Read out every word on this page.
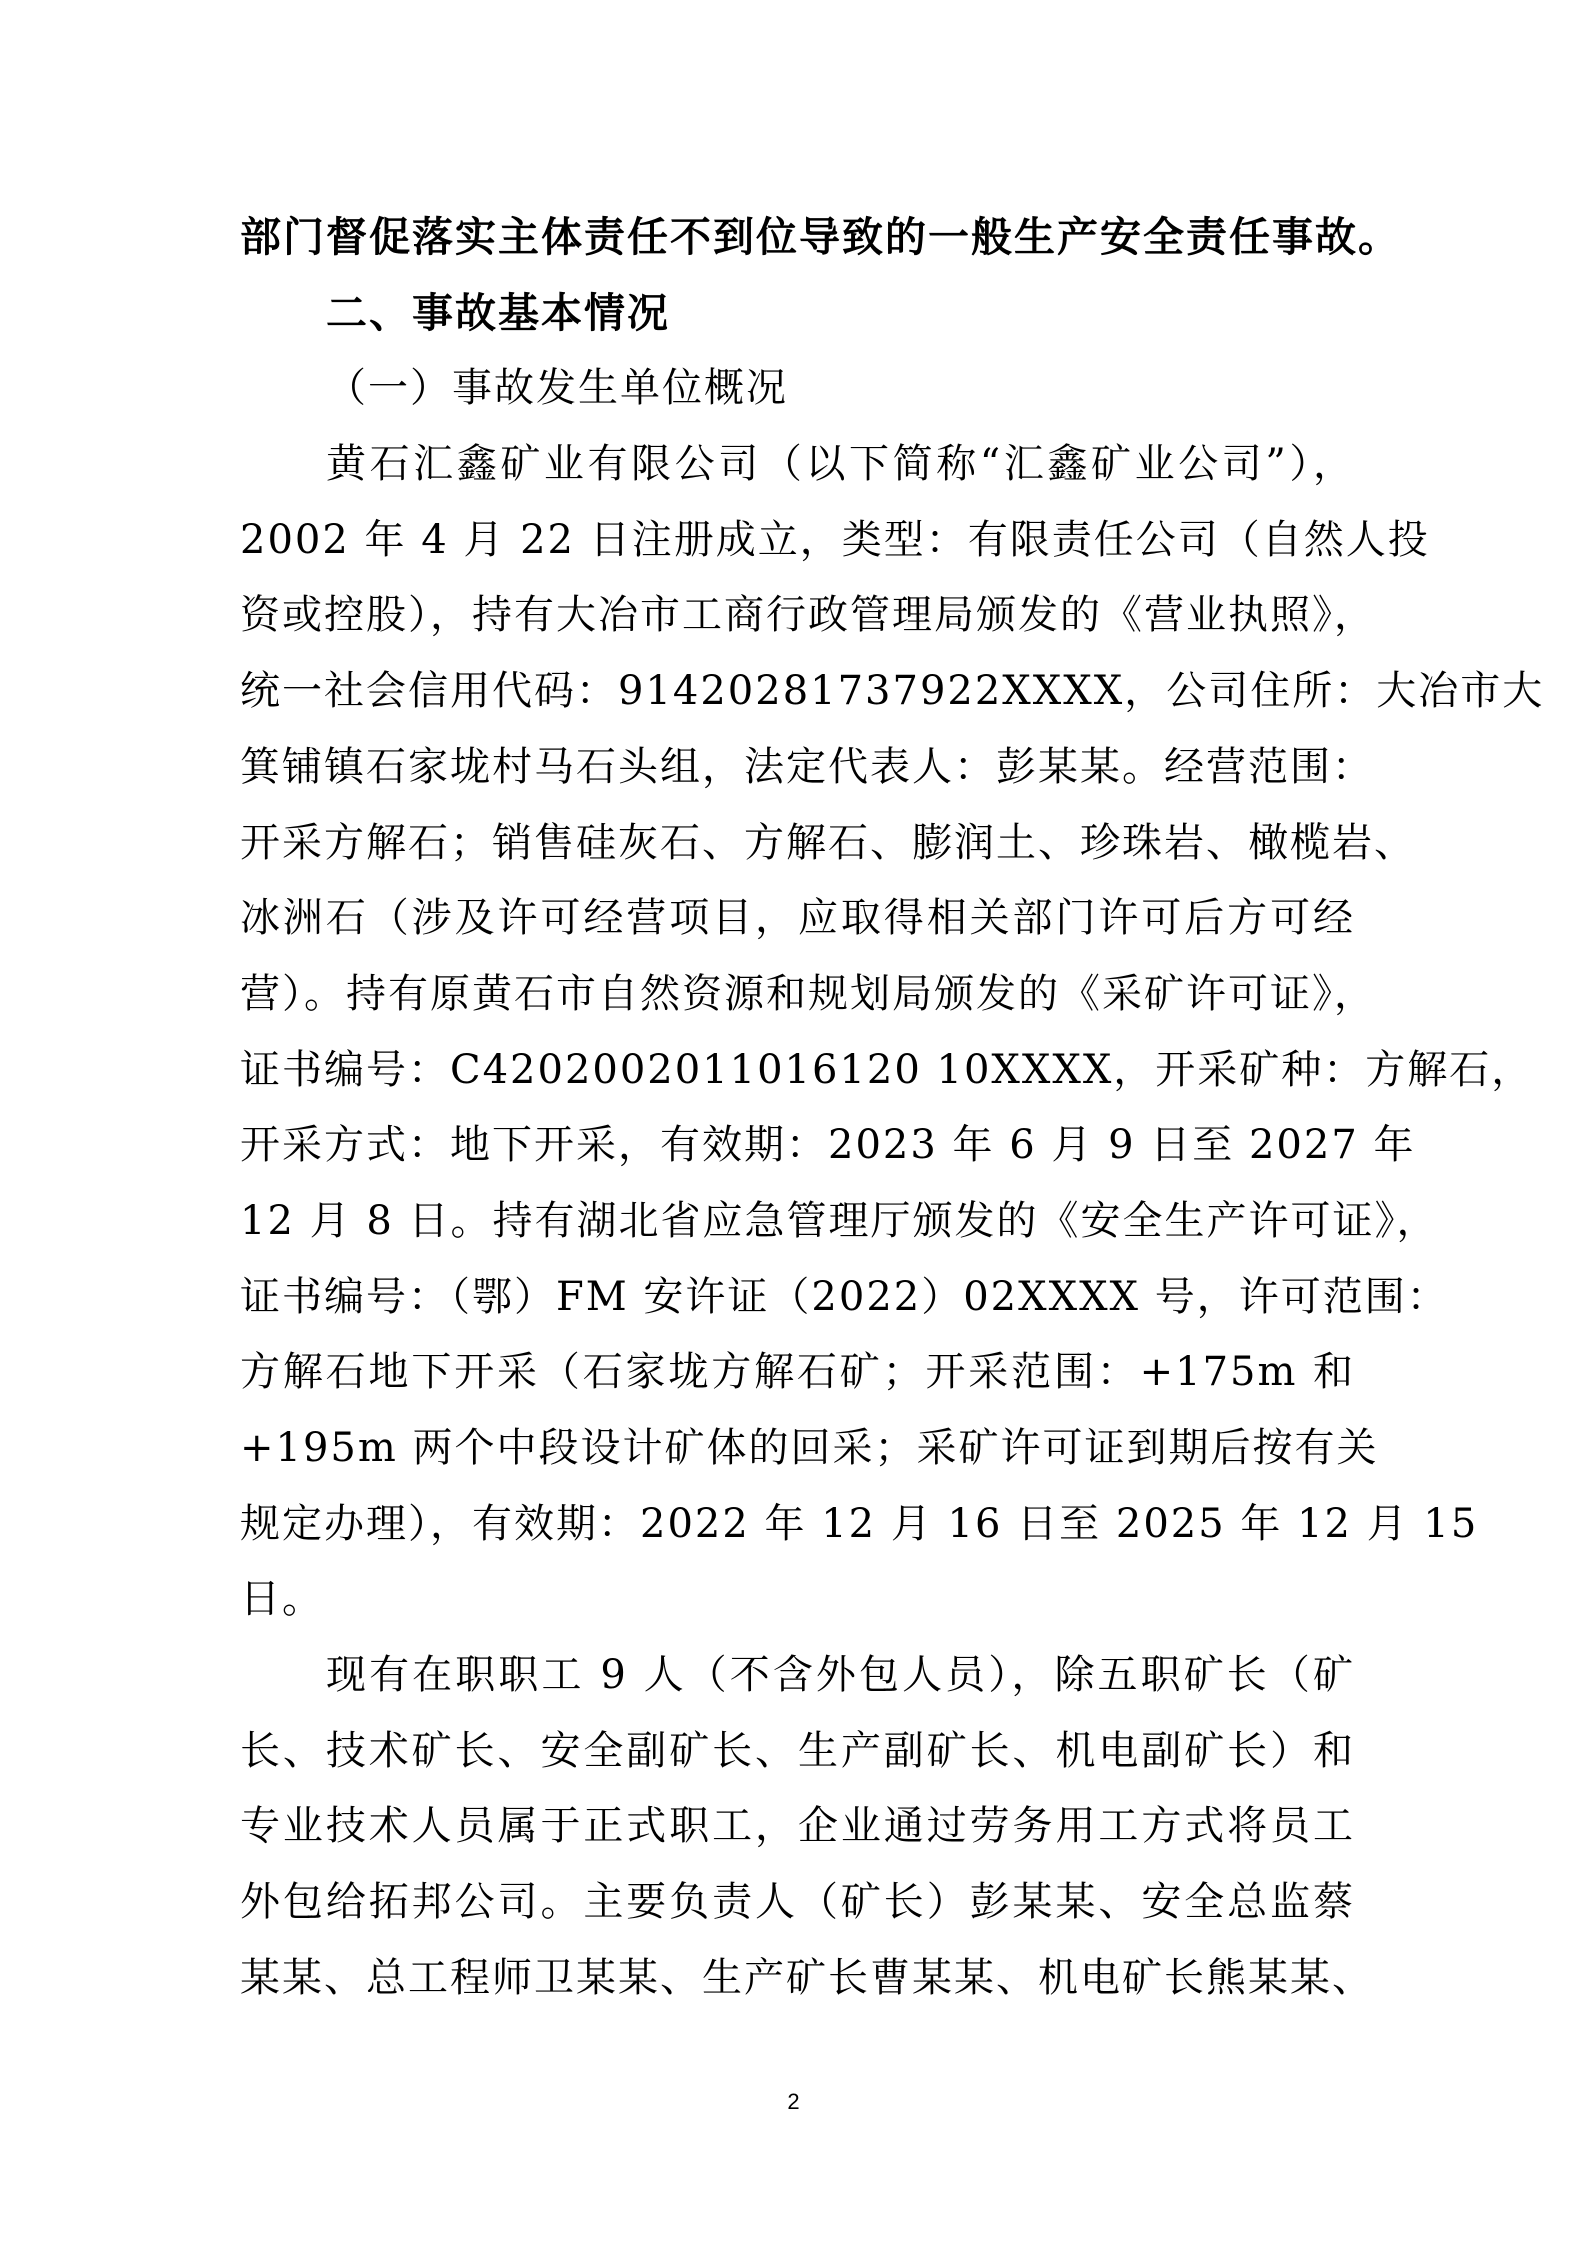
部门督促落实主体责任不到位导致的一般生产安全责任事故。
二、事故基本情况
（一）事故发生单位概况
黄石汇鑫矿业有限公司（以下简称“汇鑫矿业公司”），
2002 年 4 月 22 日注册成立，类型：有限责任公司（自然人投
资或控股），持有大冶市工商行政管理局颁发的《营业执照》，
统一社会信用代码：91420281737922XXXX，公司住所：大冶市大
箕铺镇石家垅村马石头组，法定代表人：彭某某。经营范围：
开采方解石；销售硅灰石、方解石、膨润土、珍珠岩、橄榄岩、
冰洲石（涉及许可经营项目，应取得相关部门许可后方可经
营）。持有原黄石市自然资源和规划局颁发的《采矿许可证》，
证书编号：C4202002011016120 10XXXX，开采矿种：方解石，
开采方式：地下开采，有效期：2023 年 6 月 9 日至 2027 年
12 月 8 日。持有湖北省应急管理厅颁发的《安全生产许可证》，
证书编号：（鄂）FM 安许证（2022）02XXXX 号，许可范围：
方解石地下开采（石家垅方解石矿；开采范围：+175m 和
+195m 两个中段设计矿体的回采；采矿许可证到期后按有关
规定办理），有效期：2022 年 12 月 16 日至 2025 年 12 月 15
日。
现有在职职工 9 人（不含外包人员），除五职矿长（矿
长、技术矿长、安全副矿长、生产副矿长、机电副矿长）和
专业技术人员属于正式职工，企业通过劳务用工方式将员工
外包给拓邦公司。主要负责人（矿长）彭某某、安全总监蔡
某某、总工程师卫某某、生产矿长曹某某、机电矿长熊某某、
2
